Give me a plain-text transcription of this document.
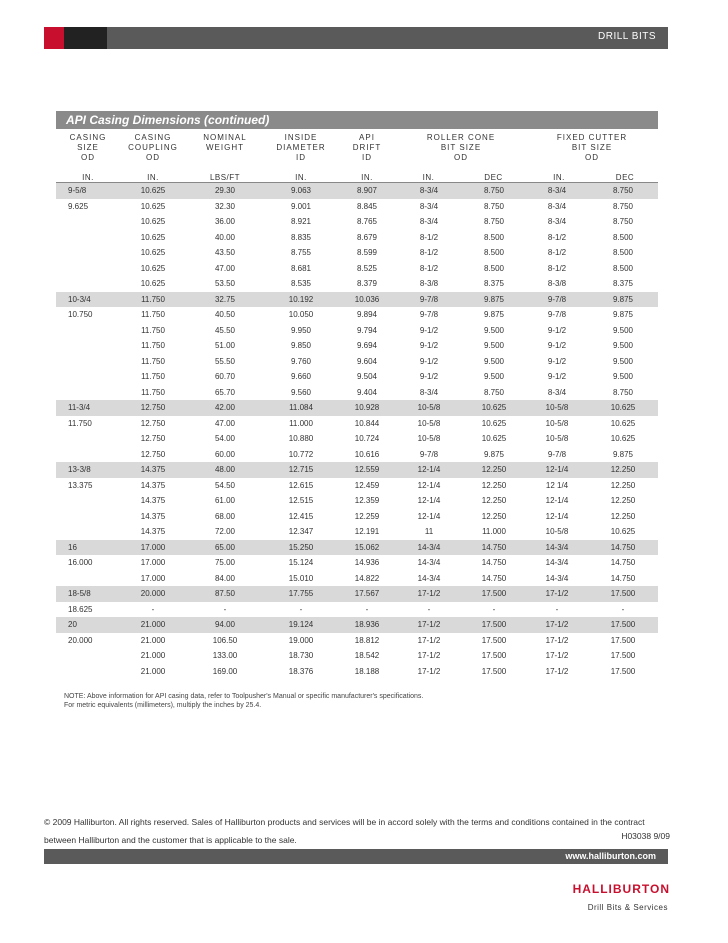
DRILL BITS
API Casing Dimensions (continued)
CASING
SIZE
OD
IN.
CASING
COUPLING
OD
IN.
NOMINAL
WEIGHT
LBS/FT
INSIDE
DIAMETER
ID
IN.
API
DRIFT
ID
IN.
ROLLER CONE
BIT SIZE
OD
IN.	DEC
FIXED CUTTER
BIT SIZE
OD
IN.	DEC
9-5/8	10.625	29.30	9.063	8.907	8-3/4	8.750	8-3/4	8.750
9.625	10.625	32.30	9.001	8.845	8-3/4	8.750	8-3/4	8.750
	10.625	36.00	8.921	8.765	8-3/4	8.750	8-3/4	8.750
	10.625	40.00	8.835	8.679	8-1/2	8.500	8-1/2	8.500
	10.625	43.50	8.755	8.599	8-1/2	8.500	8-1/2	8.500
	10.625	47.00	8.681	8.525	8-1/2	8.500	8-1/2	8.500
	10.625	53.50	8.535	8.379	8-3/8	8.375	8-3/8	8.375
10-3/4	11.750	32.75	10.192	10.036	9-7/8	9.875	9-7/8	9.875
10.750	11.750	40.50	10.050	9.894	9-7/8	9.875	9-7/8	9.875
	11.750	45.50	9.950	9.794	9-1/2	9.500	9-1/2	9.500
	11.750	51.00	9.850	9.694	9-1/2	9.500	9-1/2	9.500
	11.750	55.50	9.760	9.604	9-1/2	9.500	9-1/2	9.500
	11.750	60.70	9.660	9.504	9-1/2	9.500	9-1/2	9.500
	11.750	65.70	9.560	9.404	8-3/4	8.750	8-3/4	8.750
11-3/4	12.750	42.00	11.084	10.928	10-5/8	10.625	10-5/8	10.625
11.750	12.750	47.00	11.000	10.844	10-5/8	10.625	10-5/8	10.625
	12.750	54.00	10.880	10.724	10-5/8	10.625	10-5/8	10.625
	12.750	60.00	10.772	10.616	9-7/8	9.875	9-7/8	9.875
13-3/8	14.375	48.00	12.715	12.559	12-1/4	12.250	12-1/4	12.250
13.375	14.375	54.50	12.615	12.459	12-1/4	12.250	12 1/4	12.250
	14.375	61.00	12.515	12.359	12-1/4	12.250	12-1/4	12.250
	14.375	68.00	12.415	12.259	12-1/4	12.250	12-1/4	12.250
	14.375	72.00	12.347	12.191	11	11.000	10-5/8	10.625
16	17.000	65.00	15.250	15.062	14-3/4	14.750	14-3/4	14.750
16.000	17.000	75.00	15.124	14.936	14-3/4	14.750	14-3/4	14.750
	17.000	84.00	15.010	14.822	14-3/4	14.750	14-3/4	14.750
18-5/8	20.000	87.50	17.755	17.567	17-1/2	17.500	17-1/2	17.500
18.625	-	-	-	-	-	-	-	-
20	21.000	94.00	19.124	18.936	17-1/2	17.500	17-1/2	17.500
20.000	21.000	106.50	19.000	18.812	17-1/2	17.500	17-1/2	17.500
	21.000	133.00	18.730	18.542	17-1/2	17.500	17-1/2	17.500
	21.000	169.00	18.376	18.188	17-1/2	17.500	17-1/2	17.500
NOTE: Above information for API casing data, refer to Toolpusher's Manual or specific manufacturer's specifications.
For metric equivalents (millimeters), multiply the inches by 25.4.
© 2009 Halliburton. All rights reserved. Sales of Halliburton products and services will be in accord solely with the terms and conditions contained in the contract
between Halliburton and the customer that is applicable to the sale.	H03038 9/09
www.halliburton.com
HALLIBURTON
Drill Bits & Services
